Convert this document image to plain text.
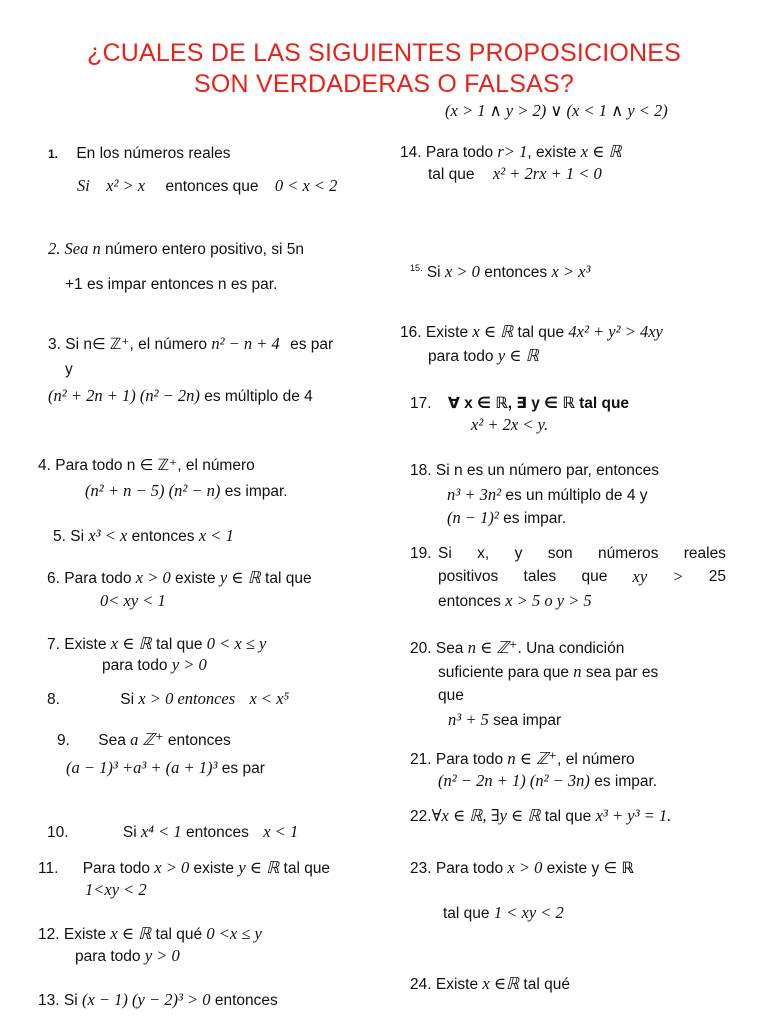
¿CUALES DE LAS SIGUIENTES PROPOSICIONES
SON VERDADERAS O FALSAS?
(x > 1 ∧ y > 2) ∨ (x < 1 ∧ y < 2)
1. En los números reales
Si x² > x entonces que 0 < x < 2
2. Sea n número entero positivo, si 5n
+1 es impar entonces n es par.
3. Si n∈ ℤ⁺, el número n² − n + 4 es par
y
(n² + 2n + 1) (n² − 2n) es múltiplo de 4
4. Para todo n ∈ ℤ⁺, el número
(n² + n − 5) (n² − n) es impar.
5. Si x³ < x entonces x < 1
6. Para todo x > 0 existe y ∈ ℝ tal que
0< xy < 1
7. Existe x ∈ ℝ tal que 0 < x ≤ y
para todo y > 0
8.	Si x > 0 entonces x < x⁵
9. Sea a ℤ⁺ entonces
(a − 1)³ +a³ + (a + 1)³ es par
10.	Si x⁴ < 1 entonces x < 1
11. Para todo x > 0 existe y ∈ ℝ tal que
1<xy < 2
12. Existe x ∈ ℝ tal qué 0 <x ≤ y
para todo y > 0
13. Si (x − 1) (y − 2)³ > 0 entonces
14. Para todo r> 1, existe x ∈ ℝ
tal que x² + 2rx + 1 < 0
$^{15.}$ Si x > 0 entonces x > x³
16. Existe x ∈ ℝ tal que 4x² + y² > 4xy
para todo y ∈ ℝ
17. ∀ x ∈ ℝ, ∃ y ∈ ℝ tal que
x² + 2x < y.
18. Si n es un número par, entonces
n³ + 3n² es un múltiplo de 4 y
(n − 1)² es impar.
19. Si x, y son números reales
positivos tales que xy > 25
entonces x > 5 o y > 5
20. Sea n ∈ ℤ⁺. Una condición
suficiente para que n sea par es
que
n³ + 5 sea impar
21. Para todo n ∈ ℤ⁺, el número
(n² − 2n + 1) (n² − 3n) es impar.
22.∀x ∈ ℝ, ∃y ∈ ℝ tal que x³ + y³ = 1.
23. Para todo x > 0 existe y ∈ ℝ
tal que 1 < xy < 2
24. Existe x ∈ℝ tal qué
